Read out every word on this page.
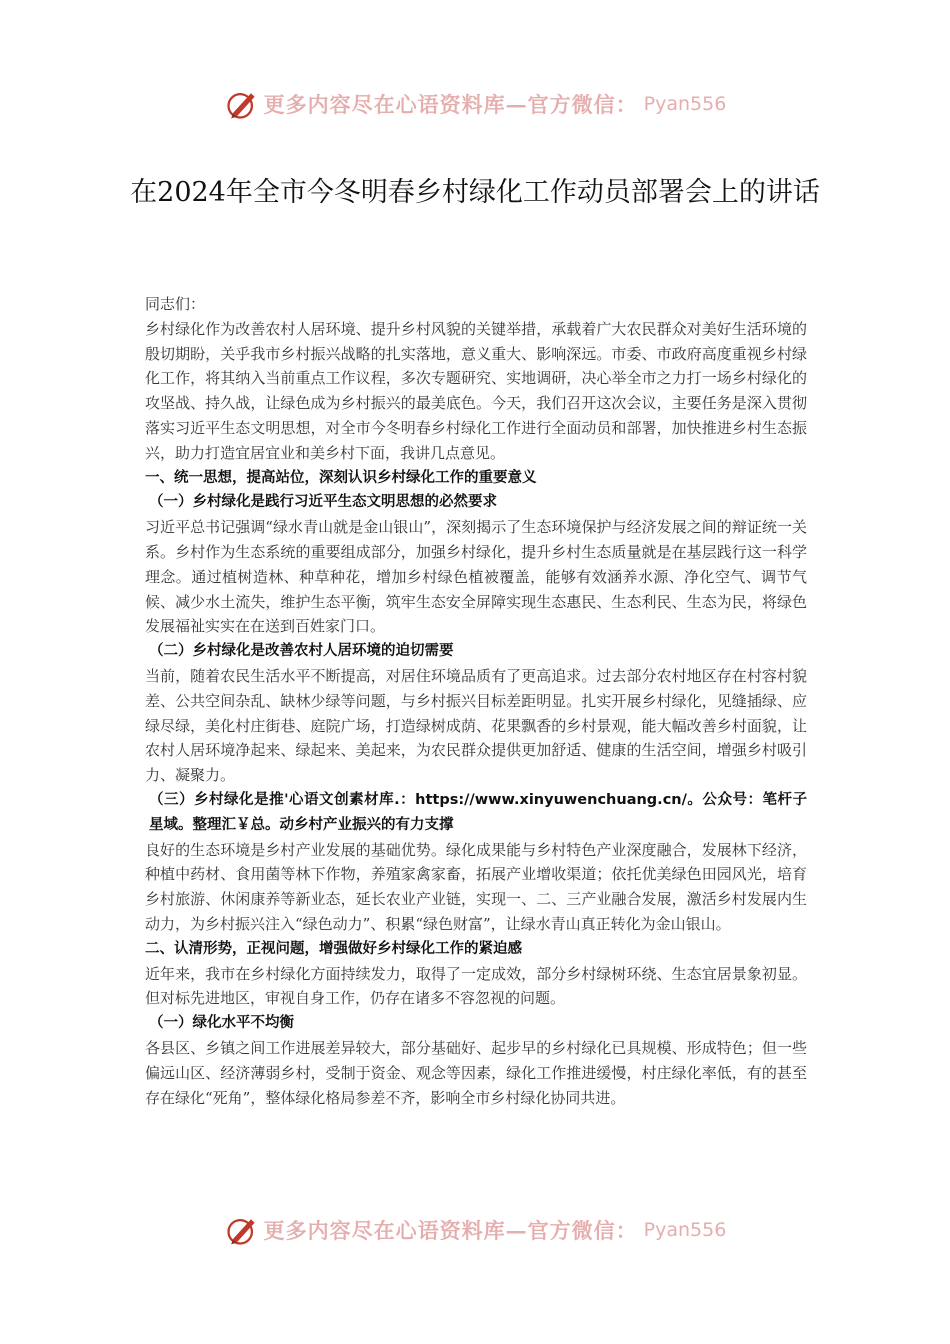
更多内容尽在心语资料库—官方微信： Pyan556
在2024年全市今冬明春乡村绿化工作动员部署会上的讲话

同志们：

乡村绿化作为改善农村人居环境、提升乡村风貌的关键举措，承载着广大农民群众对美好生活环境的殷切期盼，关乎我市乡村振兴战略的扎实落地，意义重大、影响深远。市委、市政府高度重视乡村绿化工作，将其纳入当前重点工作议程，多次专题研究、实地调研，决心举全市之力打一场乡村绿化的攻坚战、持久战，让绿色成为乡村振兴的最美底色。今天，我们召开这次会议，主要任务是深入贯彻落实习近平生态文明思想，对全市今冬明春乡村绿化工作进行全面动员和部署，加快推进乡村生态振兴，助力打造宜居宜业和美乡村下面，我讲几点意见。

一、统一思想，提高站位，深刻认识乡村绿化工作的重要意义

（一）乡村绿化是践行习近平生态文明思想的必然要求

习近平总书记强调“绿水青山就是金山银山”，深刻揭示了生态环境保护与经济发展之间的辩证统一关系。乡村作为生态系统的重要组成部分，加强乡村绿化，提升乡村生态质量就是在基层践行这一科学理念。通过植树造林、种草种花，增加乡村绿色植被覆盖，能够有效涵养水源、净化空气、调节气候、减少水土流失，维护生态平衡，筑牢生态安全屏障实现生态惠民、生态利民、生态为民，将绿色发展福祉实实在在送到百姓家门口。

（二）乡村绿化是改善农村人居环境的迫切需要

当前，随着农民生活水平不断提高，对居住环境品质有了更高追求。过去部分农村地区存在村容村貌差、公共空间杂乱、缺林少绿等问题，与乡村振兴目标差距明显。扎实开展乡村绿化，见缝插绿、应绿尽绿，美化村庄街巷、庭院广场，打造绿树成荫、花果飘香的乡村景观，能大幅改善乡村面貌，让农村人居环境净起来、绿起来、美起来，为农民群众提供更加舒适、健康的生活空间，增强乡村吸引力、凝聚力。

（三）乡村绿化是推'心语文创素材库.：https://www.xinyuwenchuang.cn/。公众号：笔杆子星域。整理汇￥总。动乡村产业振兴的有力支撑

良好的生态环境是乡村产业发展的基础优势。绿化成果能与乡村特色产业深度融合，发展林下经济，种植中药材、食用菌等林下作物，养殖家禽家畜，拓展产业增收渠道；依托优美绿色田园风光，培育乡村旅游、休闲康养等新业态，延长农业产业链，实现一、二、三产业融合发展，激活乡村发展内生动力，为乡村振兴注入“绿色动力”、积累“绿色财富”，让绿水青山真正转化为金山银山。

二、认清形势，正视问题，增强做好乡村绿化工作的紧迫感

近年来，我市在乡村绿化方面持续发力，取得了一定成效，部分乡村绿树环绕、生态宜居景象初显。但对标先进地区，审视自身工作，仍存在诸多不容忽视的问题。

（一）绿化水平不均衡

各县区、乡镇之间工作进展差异较大，部分基础好、起步早的乡村绿化已具规模、形成特色；但一些偏远山区、经济薄弱乡村，受制于资金、观念等因素，绿化工作推进缓慢，村庄绿化率低，有的甚至存在绿化“死角”，整体绿化格局参差不齐，影响全市乡村绿化协同共进。

更多内容尽在心语资料库—官方微信： Pyan556
